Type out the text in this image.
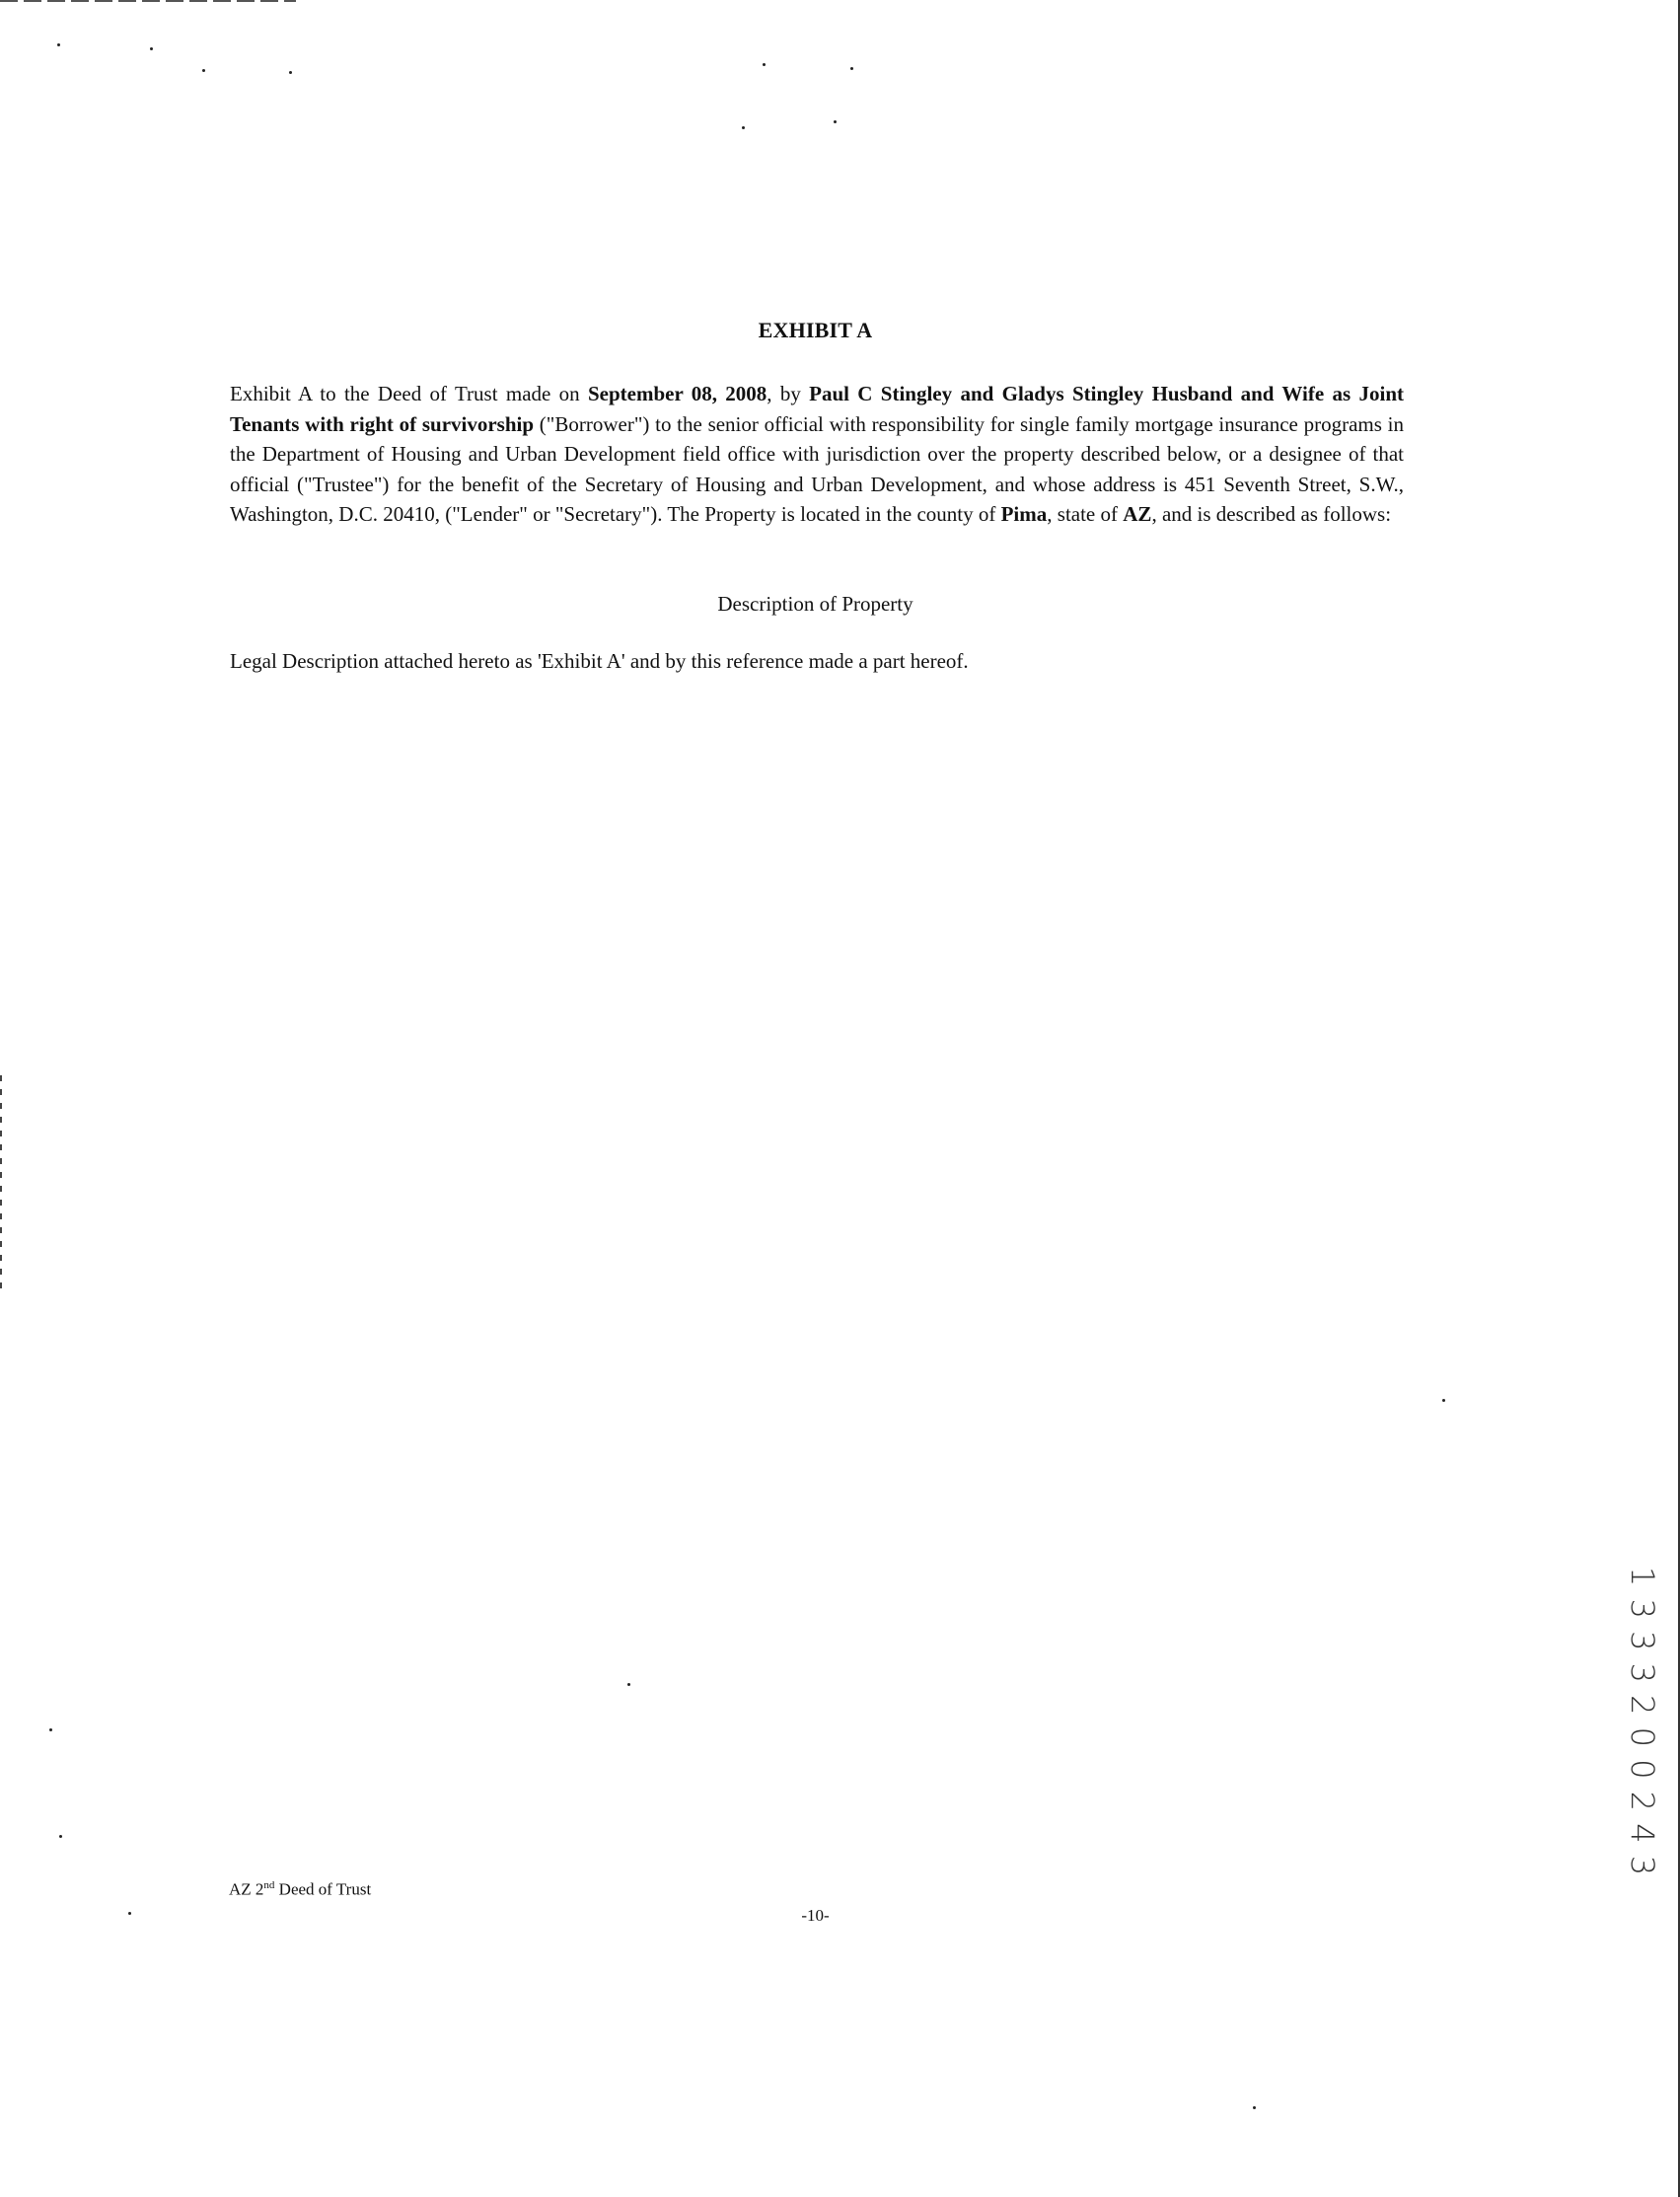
EXHIBIT A
Exhibit A to the Deed of Trust made on September 08, 2008, by Paul C Stingley and Gladys Stingley Husband and Wife as Joint Tenants with right of survivorship ("Borrower") to the senior official with responsibility for single family mortgage insurance programs in the Department of Housing and Urban Development field office with jurisdiction over the property described below, or a designee of that official ("Trustee") for the benefit of the Secretary of Housing and Urban Development, and whose address is 451 Seventh Street, S.W., Washington, D.C. 20410, ("Lender" or "Secretary"). The Property is located in the county of Pima, state of AZ, and is described as follows:
Description of Property
Legal Description attached hereto as 'Exhibit A' and by this reference made a part hereof.
AZ 2nd Deed of Trust
-10-
1 3 3 3 2 0 0 2 4 3
